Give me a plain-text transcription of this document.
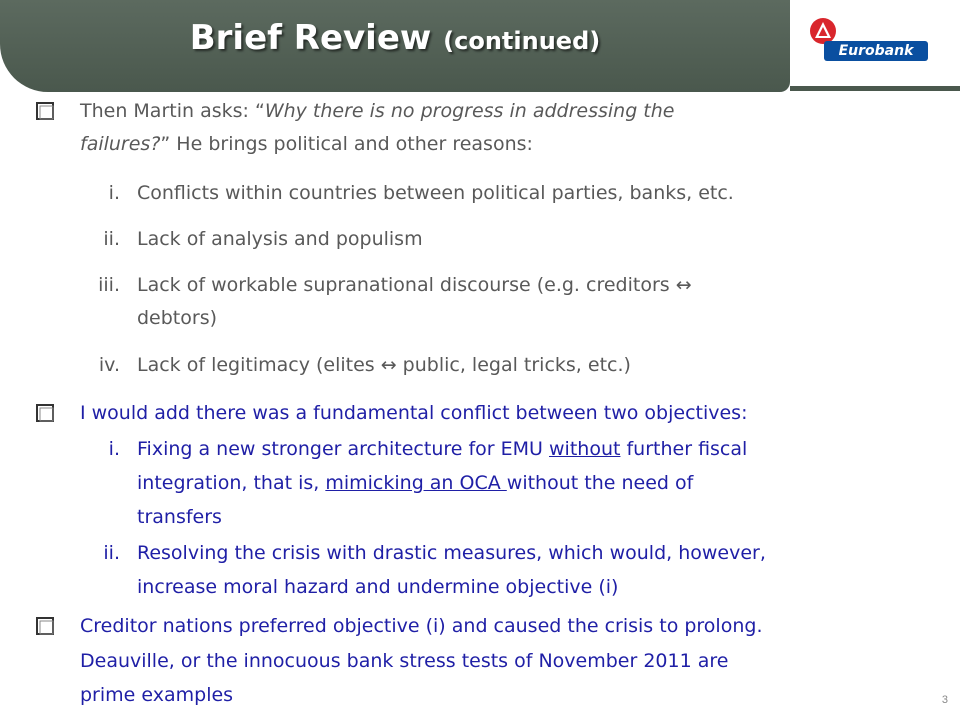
Brief Review (continued)	Eurobank
Then Martin asks: “Why there is no progress in addressing the
failures?” He brings political and other reasons:
i. Conflicts within countries between political parties, banks, etc.
ii. Lack of analysis and populism
iii. Lack of workable supranational discourse (e.g. creditors ↔
debtors)
iv. Lack of legitimacy (elites ↔ public, legal tricks, etc.)
I would add there was a fundamental conflict between two objectives:
i. Fixing a new stronger architecture for EMU without further fiscal
integration, that is, mimicking an OCA without the need of
transfers
ii. Resolving the crisis with drastic measures, which would, however,
increase moral hazard and undermine objective (i)
Creditor nations preferred objective (i) and caused the crisis to prolong.
Deauville, or the innocuous bank stress tests of November 2011 are
prime examples	3
